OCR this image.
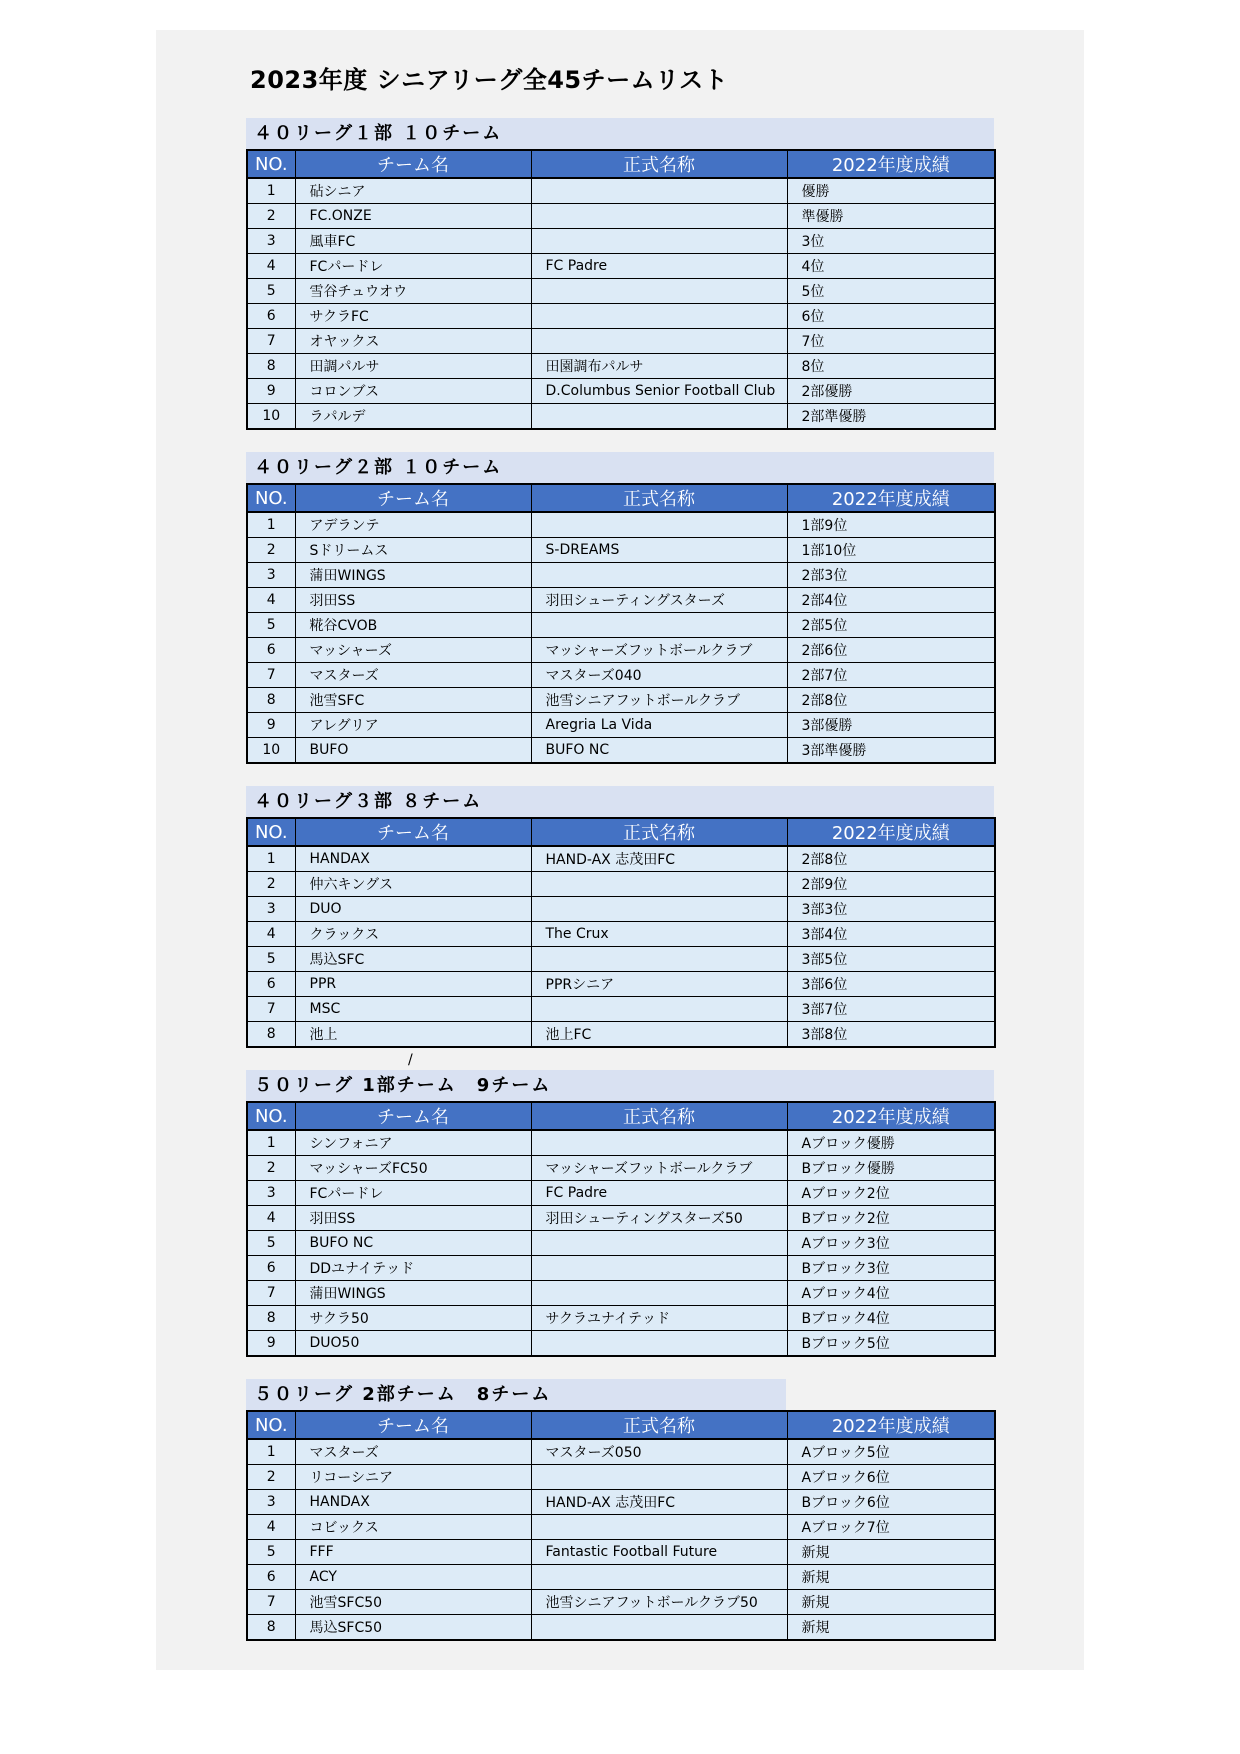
2023年度 シニアリーグ全45チームリスト
４０リーグ１部 １０チーム
NO.	チーム名	正式名称	2022年度成績
1	砧シニア		優勝
2	FC.ONZE		準優勝
3	風車FC		3位
4	FCパードレ	FC Padre	4位
5	雪谷チュウオウ		5位
6	サクラFC		6位
7	オヤックス		7位
8	田調パルサ	田園調布パルサ	8位
9	コロンブス	D.Columbus Senior Football Club	2部優勝
10	ラパルデ		2部準優勝
４０リーグ２部 １０チーム
NO.	チーム名	正式名称	2022年度成績
1	アデランテ		1部9位
2	Sドリームス	S-DREAMS	1部10位
3	蒲田WINGS		2部3位
4	羽田SS	羽田シューティングスターズ	2部4位
5	糀谷CVOB		2部5位
6	マッシャーズ	マッシャーズフットボールクラブ	2部6位
7	マスターズ	マスターズ040	2部7位
8	池雪SFC	池雪シニアフットボールクラブ	2部8位
9	アレグリア	Aregria La Vida	3部優勝
10	BUFO	BUFO NC	3部準優勝
４０リーグ３部 ８チーム
NO.	チーム名	正式名称	2022年度成績
1	HANDAX	HAND-AX 志茂田FC	2部8位
2	仲六キングス		2部9位
3	DUO		3部3位
4	クラックス	The Crux	3部4位
5	馬込SFC		3部5位
6	PPR	PPRシニア	3部6位
7	MSC		3部7位
8	池上	池上FC	3部8位
５０リーグ 1部チーム　9チーム
NO.	チーム名	正式名称	2022年度成績
1	シンフォニア		Aブロック優勝
2	マッシャーズFC50	マッシャーズフットボールクラブ	Bブロック優勝
3	FCパードレ	FC Padre	Aブロック2位
4	羽田SS	羽田シューティングスターズ50	Bブロック2位
5	BUFO NC		Aブロック3位
6	DDユナイテッド		Bブロック3位
7	蒲田WINGS		Aブロック4位
8	サクラ50	サクラユナイテッド	Bブロック4位
9	DUO50		Bブロック5位
５０リーグ 2部チーム　8チーム
NO.	チーム名	正式名称	2022年度成績
1	マスターズ	マスターズ050	Aブロック5位
2	リコーシニア		Aブロック6位
3	HANDAX	HAND-AX 志茂田FC	Bブロック6位
4	コビックス		Aブロック7位
5	FFF	Fantastic Football Future	新規
6	ACY		新規
7	池雪SFC50	池雪シニアフットボールクラブ50	新規
8	馬込SFC50		新規
/
